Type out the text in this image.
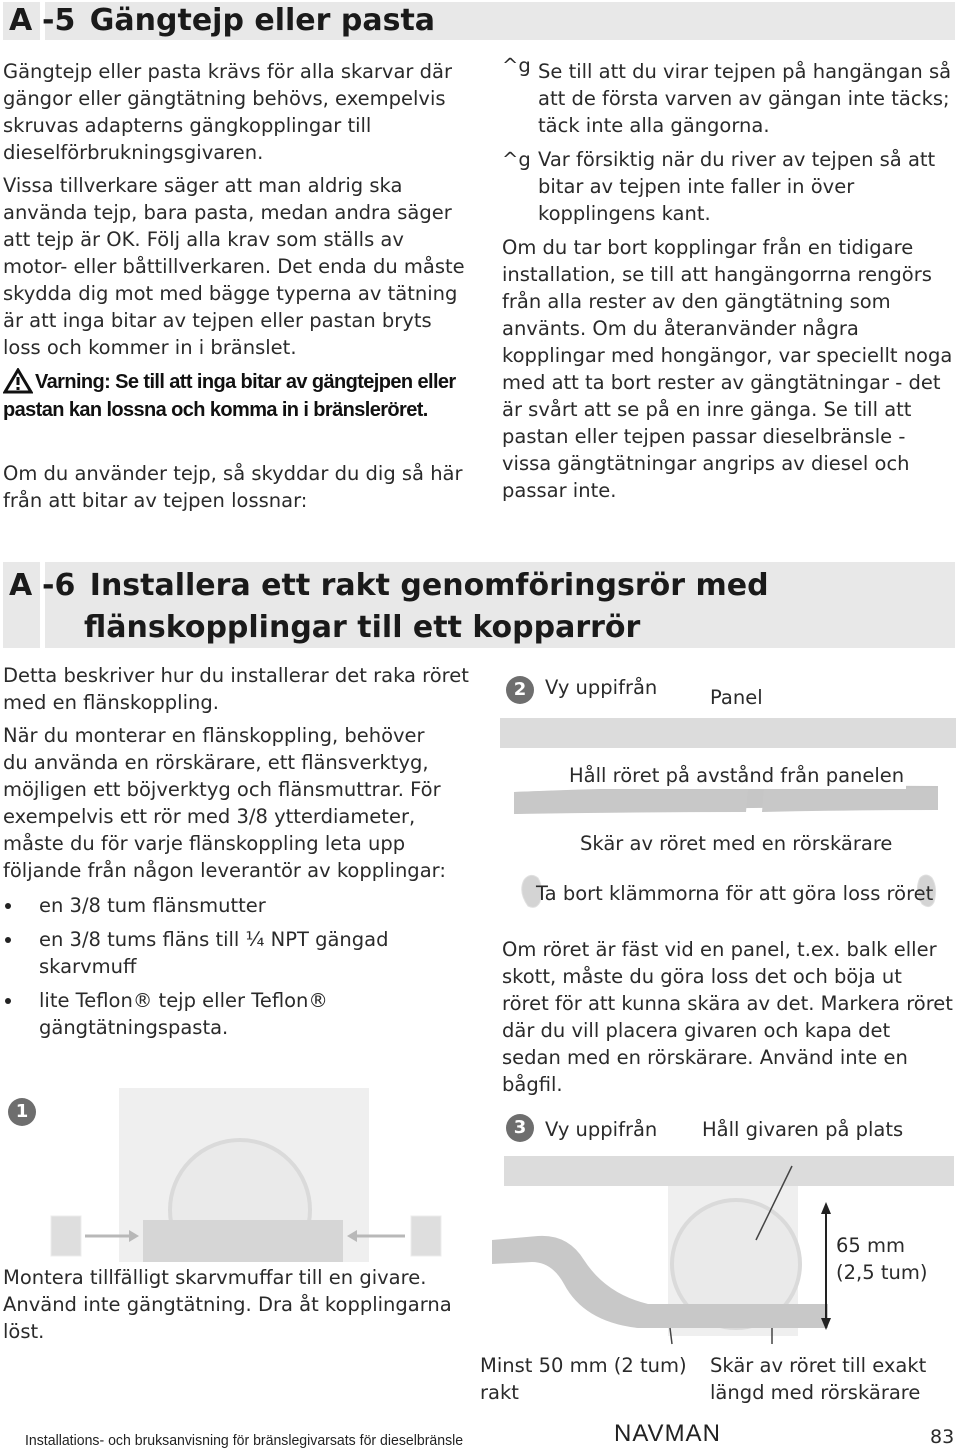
A -5 Gängtejp eller pasta

Gängtejp eller pasta krävs för alla skarvar där gängor eller gängtätning behövs, exempelvis skruvas adapterns gängkopplingar till dieselförbrukningsgivaren.

Vissa tillverkare säger att man aldrig ska använda tejp, bara pasta, medan andra säger att tejp är OK. Följ alla krav som ställs av motor- eller båttillverkaren. Det enda du måste skydda dig mot med bägge typerna av tätning är att inga bitar av tejpen eller pastan bryts loss och kommer in i bränslet.

Varning: Se till att inga bitar av gängtejpen eller pastan kan lossna och komma in i bränsleröret.

Om du använder tejp, så skyddar du dig så här från att bitar av tejpen lossnar:

^g Se till att du virar tejpen på hangängan så att de första varven av gängan inte täcks; täck inte alla gängorna.

^g Var försiktig när du river av tejpen så att bitar av tejpen inte faller in över kopplingens kant.

Om du tar bort kopplingar från en tidigare installation, se till att hangängorrna rengörs från alla rester av den gängtätning som använts. Om du återanvänder några kopplingar med hongängor, var speciellt noga med att ta bort rester av gängtätningar - det är svårt att se på en inre gänga. Se till att pastan eller tejpen passar dieselbränsle - vissa gängtätningar angrips av diesel och passar inte.

A -6 Installera ett rakt genomföringsrör med
flänskopplingar till ett kopparrör

Detta beskriver hur du installerar det raka röret med en flänskoppling.

När du monterar en flänskoppling, behöver du använda en rörskärare, ett flänsverktyg, möjligen ett böjverktyg och flänsmuttrar. För exempelvis ett rör med 3/8 ytterdiameter, måste du för varje flänskoppling leta upp följande från någon leverantör av kopplingar:

en 3/8 tum flänsmutter

en 3/8 tums fläns till ¼ NPT gängad skarvmuff

lite Teflon® tejp eller Teflon® gängtätningspasta.

2 Vy uppifrån	Panel
Håll röret på avstånd från panelen
Skär av röret med en rörskärare
Ta bort klämmorna för att göra loss röret

Om röret är fäst vid en panel, t.ex. balk eller skott, måste du göra loss det och böja ut röret för att kunna skära av det. Markera röret där du vill placera givaren och kapa det sedan med en rörskärare. Använd inte en bågfil.

1

Montera tillfälligt skarvmuffar till en givare. Använd inte gängtätning. Dra åt kopplingarna löst.

3 Vy uppifrån Håll givaren på plats
65 mm
(2,5 tum)
Minst 50 mm (2 tum)
rakt
Skär av röret till exakt
längd med rörskärare
Installations- och bruksanvisning för bränslegivarsats för dieselbränsle	NAVMAN	83
